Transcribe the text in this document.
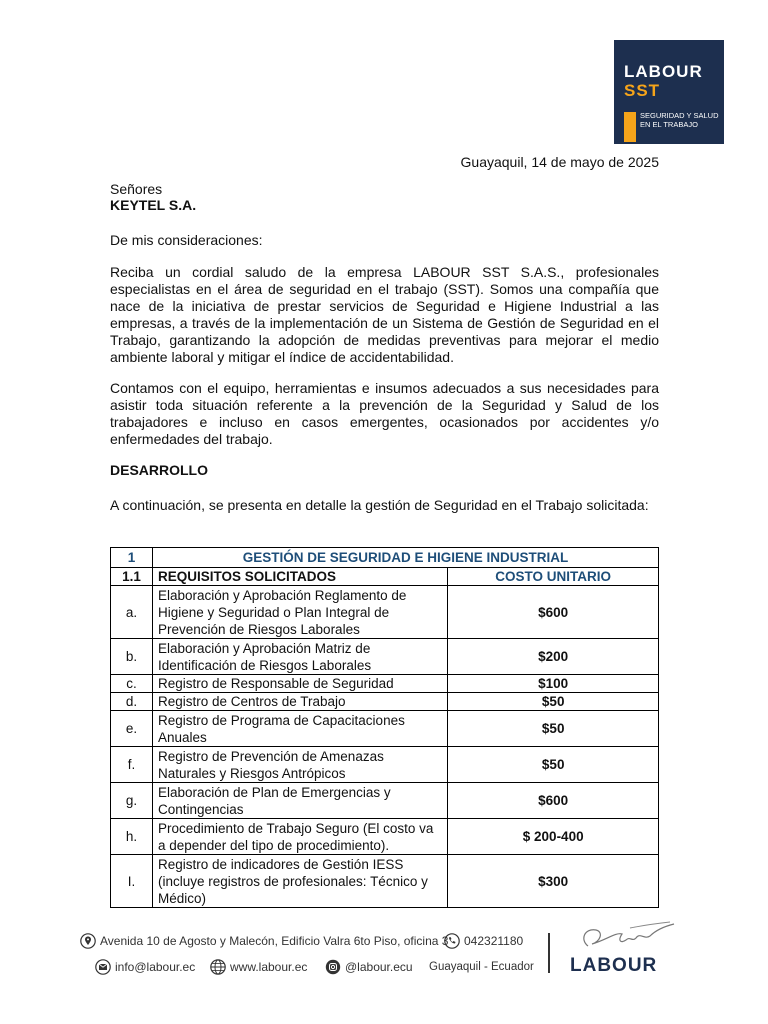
LABOUR
SST
SEGURIDAD Y SALUD EN EL TRABAJO
Guayaquil, 14 de mayo de 2025
Señores
KEYTEL S.A.
De mis consideraciones:
Reciba un cordial saludo de la empresa LABOUR SST S.A.S., profesionales especialistas en el área de seguridad en el trabajo (SST). Somos una compañía que nace de la iniciativa de prestar servicios de Seguridad e Higiene Industrial a las empresas, a través de la implementación de un Sistema de Gestión de Seguridad en el Trabajo, garantizando la adopción de medidas preventivas para mejorar el medio ambiente laboral y mitigar el índice de accidentabilidad.
Contamos con el equipo, herramientas e insumos adecuados a sus necesidades para asistir toda situación referente a la prevención de la Seguridad y Salud de los trabajadores e incluso en casos emergentes, ocasionados por accidentes y/o enfermedades del trabajo.
DESARROLLO
A continuación, se presenta en detalle la gestión de Seguridad en el Trabajo solicitada:
1	GESTIÓN DE SEGURIDAD E HIGIENE INDUSTRIAL	
1.1	REQUISITOS SOLICITADOS	COSTO UNITARIO
a.	Elaboración y Aprobación Reglamento de Higiene y Seguridad o Plan Integral de Prevención de Riesgos Laborales	$600
b.	Elaboración y Aprobación Matriz de Identificación de Riesgos Laborales	$200
c.	Registro de Responsable de Seguridad	$100
d.	Registro de Centros de Trabajo	$50
e.	Registro de Programa de Capacitaciones Anuales	$50
f.	Registro de Prevención de Amenazas Naturales y Riesgos Antrópicos	$50
g.	Elaboración de Plan de Emergencias y Contingencias	$600
h.	Procedimiento de Trabajo Seguro (El costo va a depender del tipo de procedimiento).	$ 200-400
I.	Registro de indicadores de Gestión IESS (incluye registros de profesionales: Técnico y Médico)	$300
Avenida 10 de Agosto y Malecón, Edificio Valra 6to Piso, oficina 3 042321180
info@labour.ec	www.labour.ec	@labour.ecu Guayaquil - Ecuador LABOUR
